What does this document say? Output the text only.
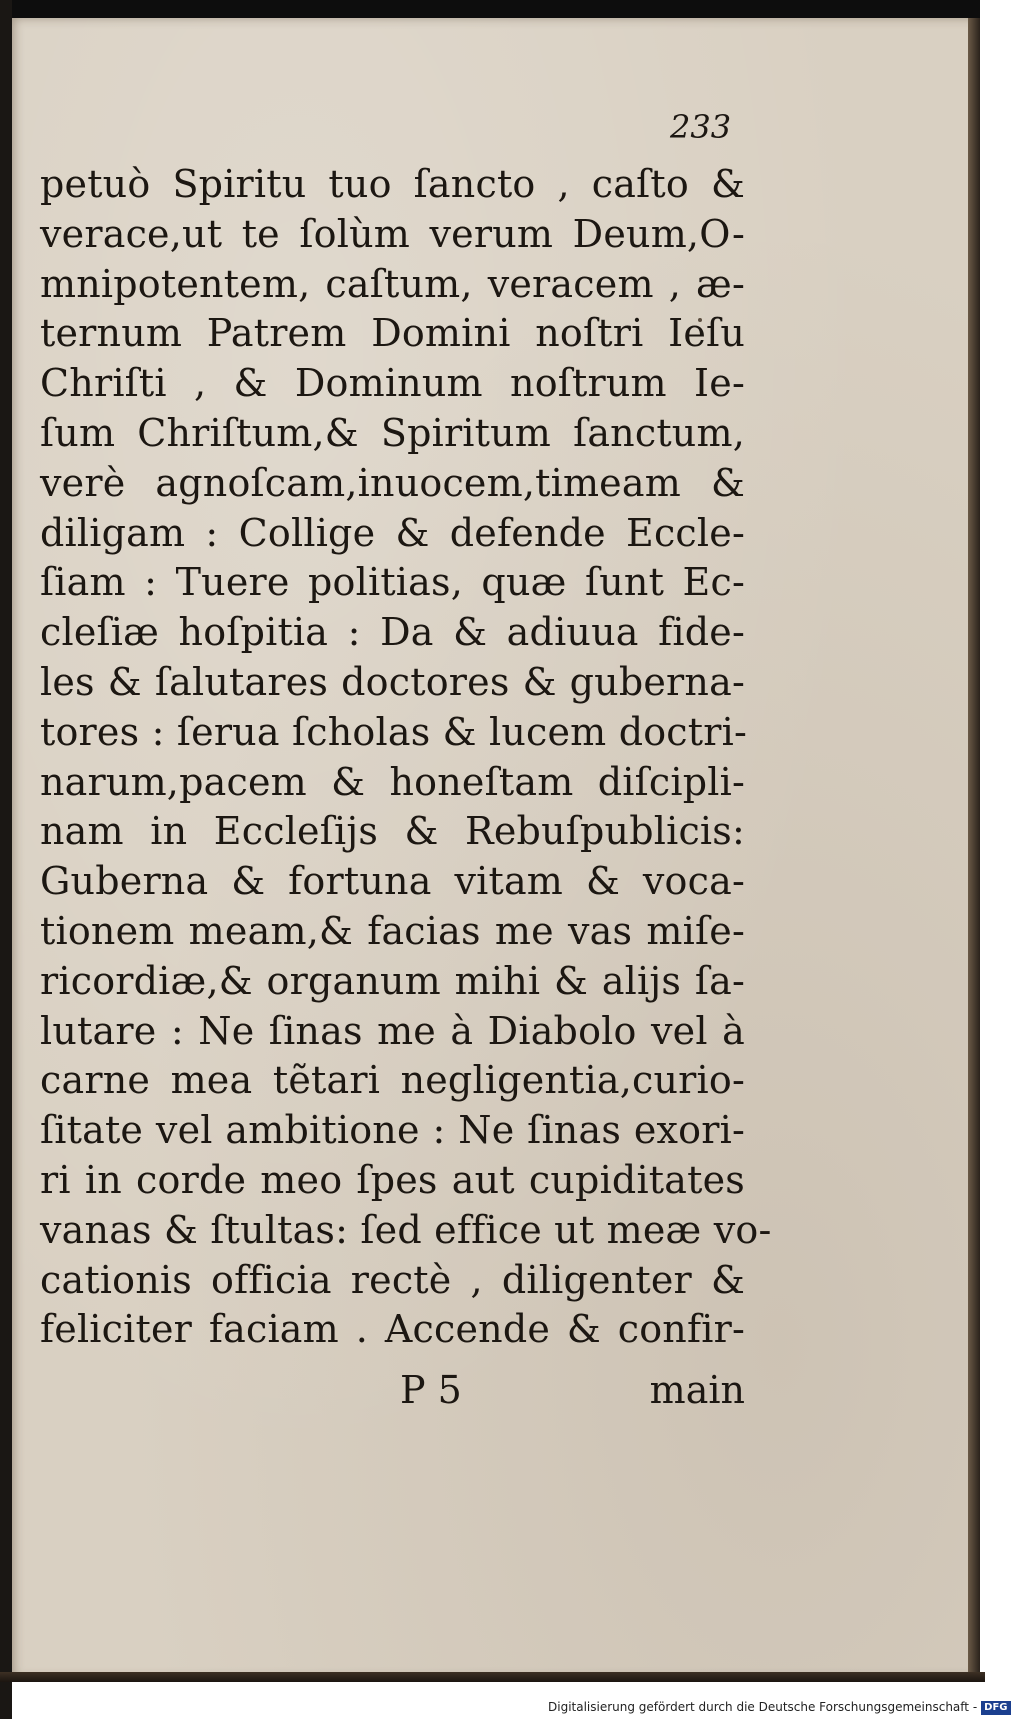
233
petuò Spiritu tuo ſancto , caſto &
verace,ut te ſolùm verum Deum,O-
mnipotentem, caſtum, veracem , æ-
ternum Patrem Domini noſtri Ieſu
Chriſti , & Dominum noſtrum Ie-
ſum Chriſtum,& Spiritum ſanctum,
verè agnoſcam,inuocem,timeam &
diligam : Collige & defende Eccle-
ſiam : Tuere politias, quæ ſunt Ec-
cleſiæ hoſpitia : Da & adiuua fide-
les & ſalutares doctores & guberna-
tores : ſerua ſcholas & lucem doctri-
narum,pacem & honeſtam diſcipli-
nam in Eccleſijs & Rebuſpublicis:
Guberna & fortuna vitam & voca-
tionem meam,& facias me vas miſe-
ricordiæ,& organum mihi & alijs ſa-
lutare : Ne ſinas me à Diabolo vel à
carne mea tẽtari negligentia,curio-
ſitate vel ambitione : Ne ſinas exori-
ri in corde meo ſpes aut cupiditates
vanas & ſtultas: ſed effice ut meæ vo-
cationis officia rectè , diligenter &
feliciter faciam . Accende & confir-
P 5	main
Digitalisierung gefördert durch die Deutsche Forschungsgemeinschaft - DFG
